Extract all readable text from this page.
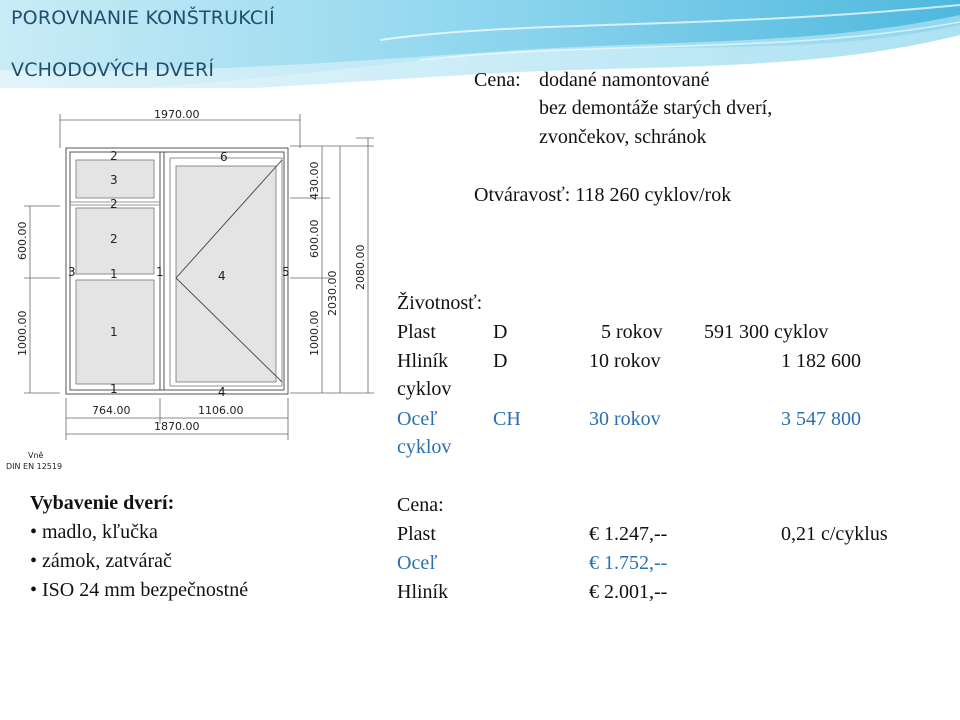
POROVNANIE KONŠTRUKCIÍ
VCHODOVÝCH DVERÍ
1970.00
764.00	1106.00
1870.00
600.00
1000.00
430.00
600.00
1000.00
2030.00
2080.00
2
3
2
2
1
1
1
6
4
4
3	1	5
Vně
DIN EN 12519
Cena: dodané namontované
bez demontáže starých dverí,
zvončekov, schránok
Otváravosť: 118 260 cyklov/rok
Životnosť:
Plast	D	5 rokov 591 300 cyklov
Hliník D	10 rokov	1 182 600
cyklov
Oceľ	CH	30 rokov	3 547 800
cyklov
Cena:
Plast	€ 1.247,--	0,21 c/cyklus
Oceľ	€ 1.752,--
Hliník	€ 2.001,--
Vybavenie dverí:
• madlo, kľučka
• zámok, zatvárač
• ISO 24 mm bezpečnostné
